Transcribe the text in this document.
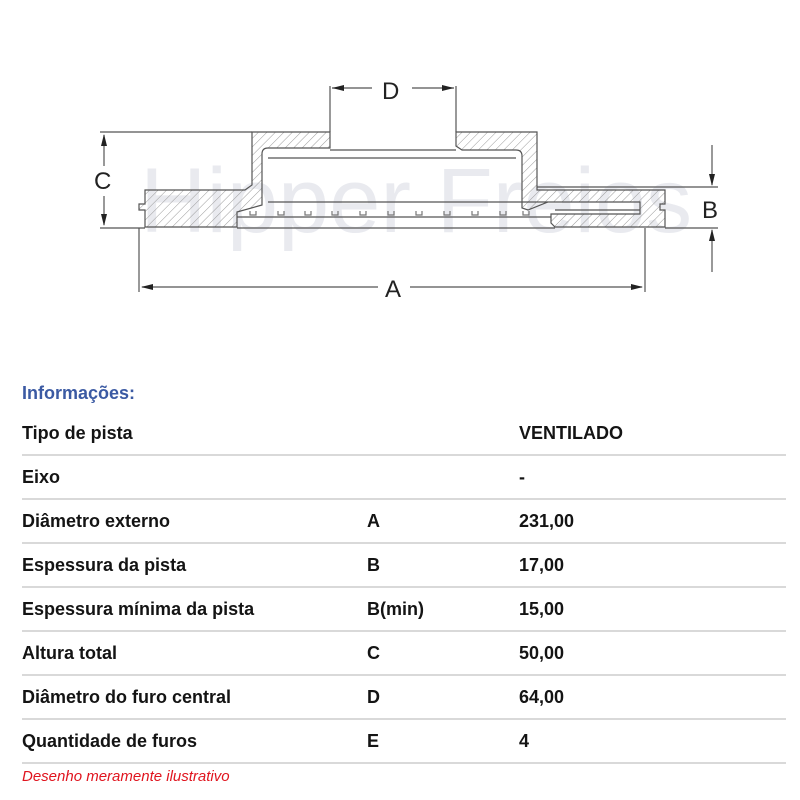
Hipper Freios
D
C
B
A
Informações:
Tipo de pista	VENTILADO
Eixo	-
Diâmetro externo	A	231,00
Espessura da pista	B	17,00
Espessura mínima da pista	B(min)	15,00
Altura total	C	50,00
Diâmetro do furo central	D	64,00
Quantidade de furos	E	4
Desenho meramente ilustrativo
